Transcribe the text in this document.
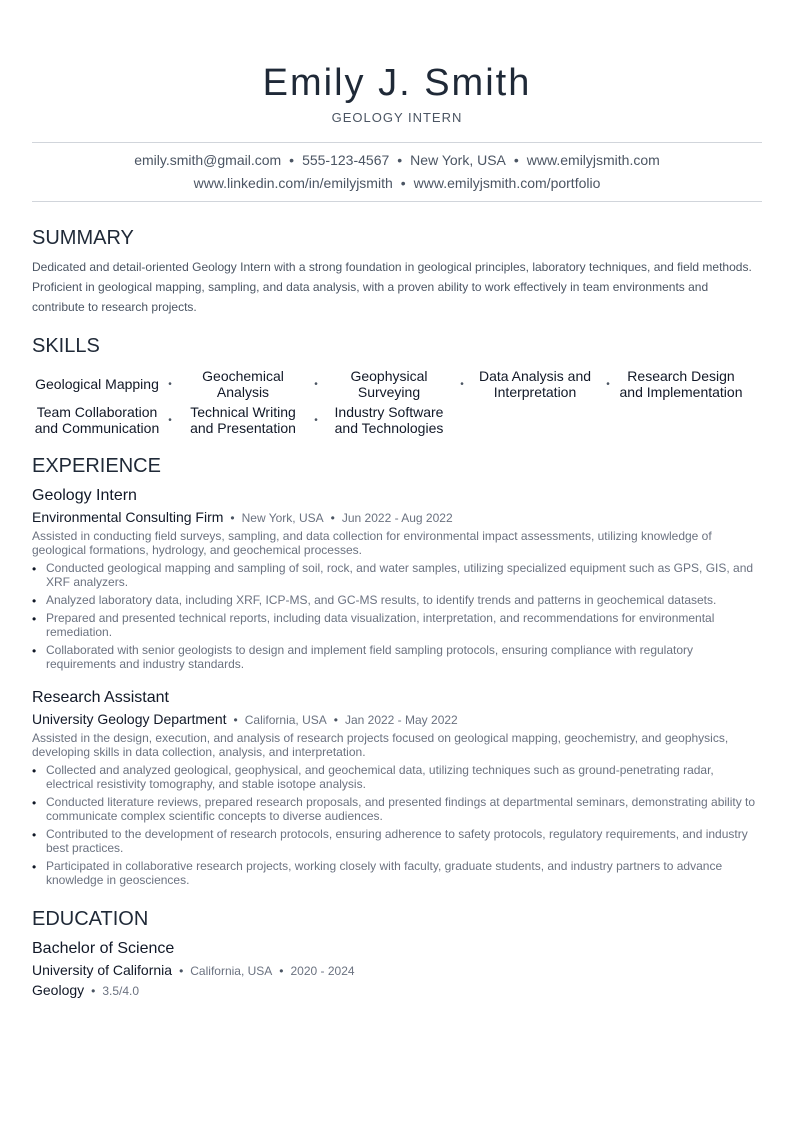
Emily J. Smith
GEOLOGY INTERN
emily.smith@gmail.com • 555-123-4567 • New York, USA • www.emilyjsmith.com
www.linkedin.com/in/emilyjsmith • www.emilyjsmith.com/portfolio
SUMMARY
Dedicated and detail-oriented Geology Intern with a strong foundation in geological principles, laboratory techniques, and field methods. Proficient in geological mapping, sampling, and data analysis, with a proven ability to work effectively in team environments and contribute to research projects.
SKILLS
Geological Mapping •	Geochemical Analysis	•	Geophysical Surveying	•	Data Analysis and Interpretation	•	Research Design and Implementation
Team Collaboration and Communication •	Technical Writing and Presentation	•	Industry Software and Technologies
EXPERIENCE
Geology Intern
Environmental Consulting Firm • New York, USA • Jun 2022 - Aug 2022
Assisted in conducting field surveys, sampling, and data collection for environmental impact assessments, utilizing knowledge of geological formations, hydrology, and geochemical processes.
• Conducted geological mapping and sampling of soil, rock, and water samples, utilizing specialized equipment such as GPS, GIS, and XRF analyzers.
• Analyzed laboratory data, including XRF, ICP-MS, and GC-MS results, to identify trends and patterns in geochemical datasets.
• Prepared and presented technical reports, including data visualization, interpretation, and recommendations for environmental remediation.
• Collaborated with senior geologists to design and implement field sampling protocols, ensuring compliance with regulatory requirements and industry standards.
Research Assistant
University Geology Department • California, USA • Jan 2022 - May 2022
Assisted in the design, execution, and analysis of research projects focused on geological mapping, geochemistry, and geophysics, developing skills in data collection, analysis, and interpretation.
• Collected and analyzed geological, geophysical, and geochemical data, utilizing techniques such as ground-penetrating radar, electrical resistivity tomography, and stable isotope analysis.
• Conducted literature reviews, prepared research proposals, and presented findings at departmental seminars, demonstrating ability to communicate complex scientific concepts to diverse audiences.
• Contributed to the development of research protocols, ensuring adherence to safety protocols, regulatory requirements, and industry best practices.
• Participated in collaborative research projects, working closely with faculty, graduate students, and industry partners to advance knowledge in geosciences.
EDUCATION
Bachelor of Science
University of California • California, USA • 2020 - 2024
Geology • 3.5/4.0
